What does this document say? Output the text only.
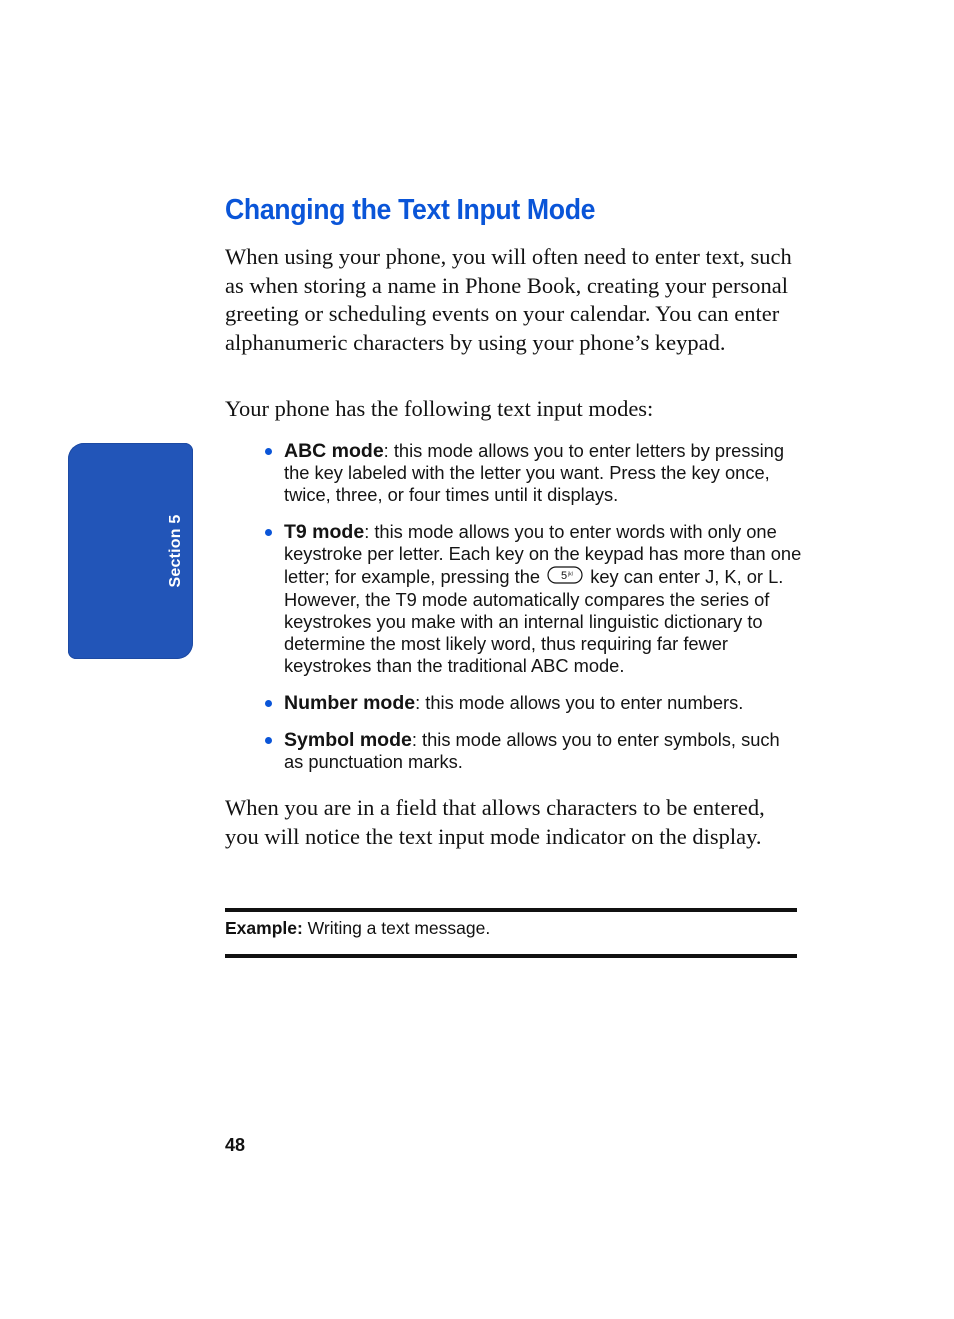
Section 5
Changing the Text Input Mode

When using your phone, you will often need to enter text, such as when storing a name in Phone Book, creating your personal greeting or scheduling events on your calendar. You can enter alphanumeric characters by using your phone’s keypad.

Your phone has the following text input modes:

ABC mode: this mode allows you to enter letters by pressing the key labeled with the letter you want. Press the key once, twice, three, or four times until it displays.
T9 mode: this mode allows you to enter words with only one keystroke per letter. Each key on the keypad has more than one letter; for example, pressing the 5 jkl key can enter J, K, or L. However, the T9 mode automatically compares the series of keystrokes you make with an internal linguistic dictionary to determine the most likely word, thus requiring far fewer keystrokes than the traditional ABC mode.
Number mode: this mode allows you to enter numbers.
Symbol mode: this mode allows you to enter symbols, such as punctuation marks.

When you are in a field that allows characters to be entered, you will notice the text input mode indicator on the display.

Example: Writing a text message.
48
